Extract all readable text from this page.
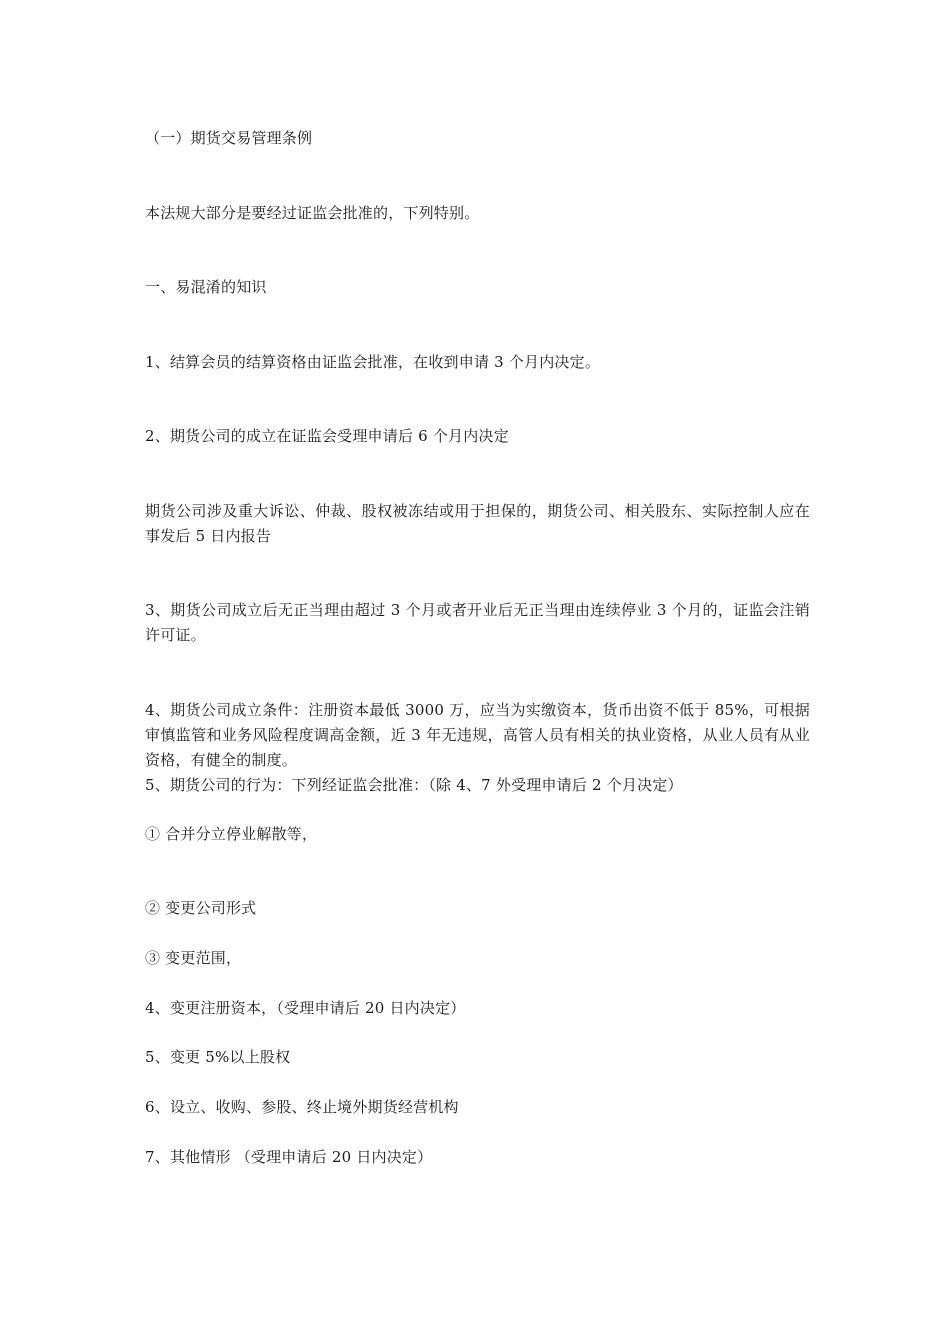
（一）期货交易管理条例
本法规大部分是要经过证监会批准的，下列特别。
一、易混淆的知识
1、结算会员的结算资格由证监会批准，在收到申请 3 个月内决定。
2、期货公司的成立在证监会受理申请后 6 个月内决定
期货公司涉及重大诉讼、仲裁、股权被冻结或用于担保的，期货公司、相关股东、实际控制人应在事发后 5 日内报告
3、期货公司成立后无正当理由超过 3 个月或者开业后无正当理由连续停业 3 个月的，证监会注销许可证。
4、期货公司成立条件：注册资本最低 3000 万，应当为实缴资本，货币出资不低于 85%，可根据审慎监管和业务风险程度调高金额，近 3 年无违规，高管人员有相关的执业资格，从业人员有从业资格，有健全的制度。
5、期货公司的行为：下列经证监会批准：（除 4、7 外受理申请后 2 个月决定）
① 合并分立停业解散等，
② 变更公司形式
③ 变更范围，
4、变更注册资本，（受理申请后 20 日内决定）
5、变更 5%以上股权
6、设立、收购、参股、终止境外期货经营机构
7、其他情形 （受理申请后 20 日内决定）
